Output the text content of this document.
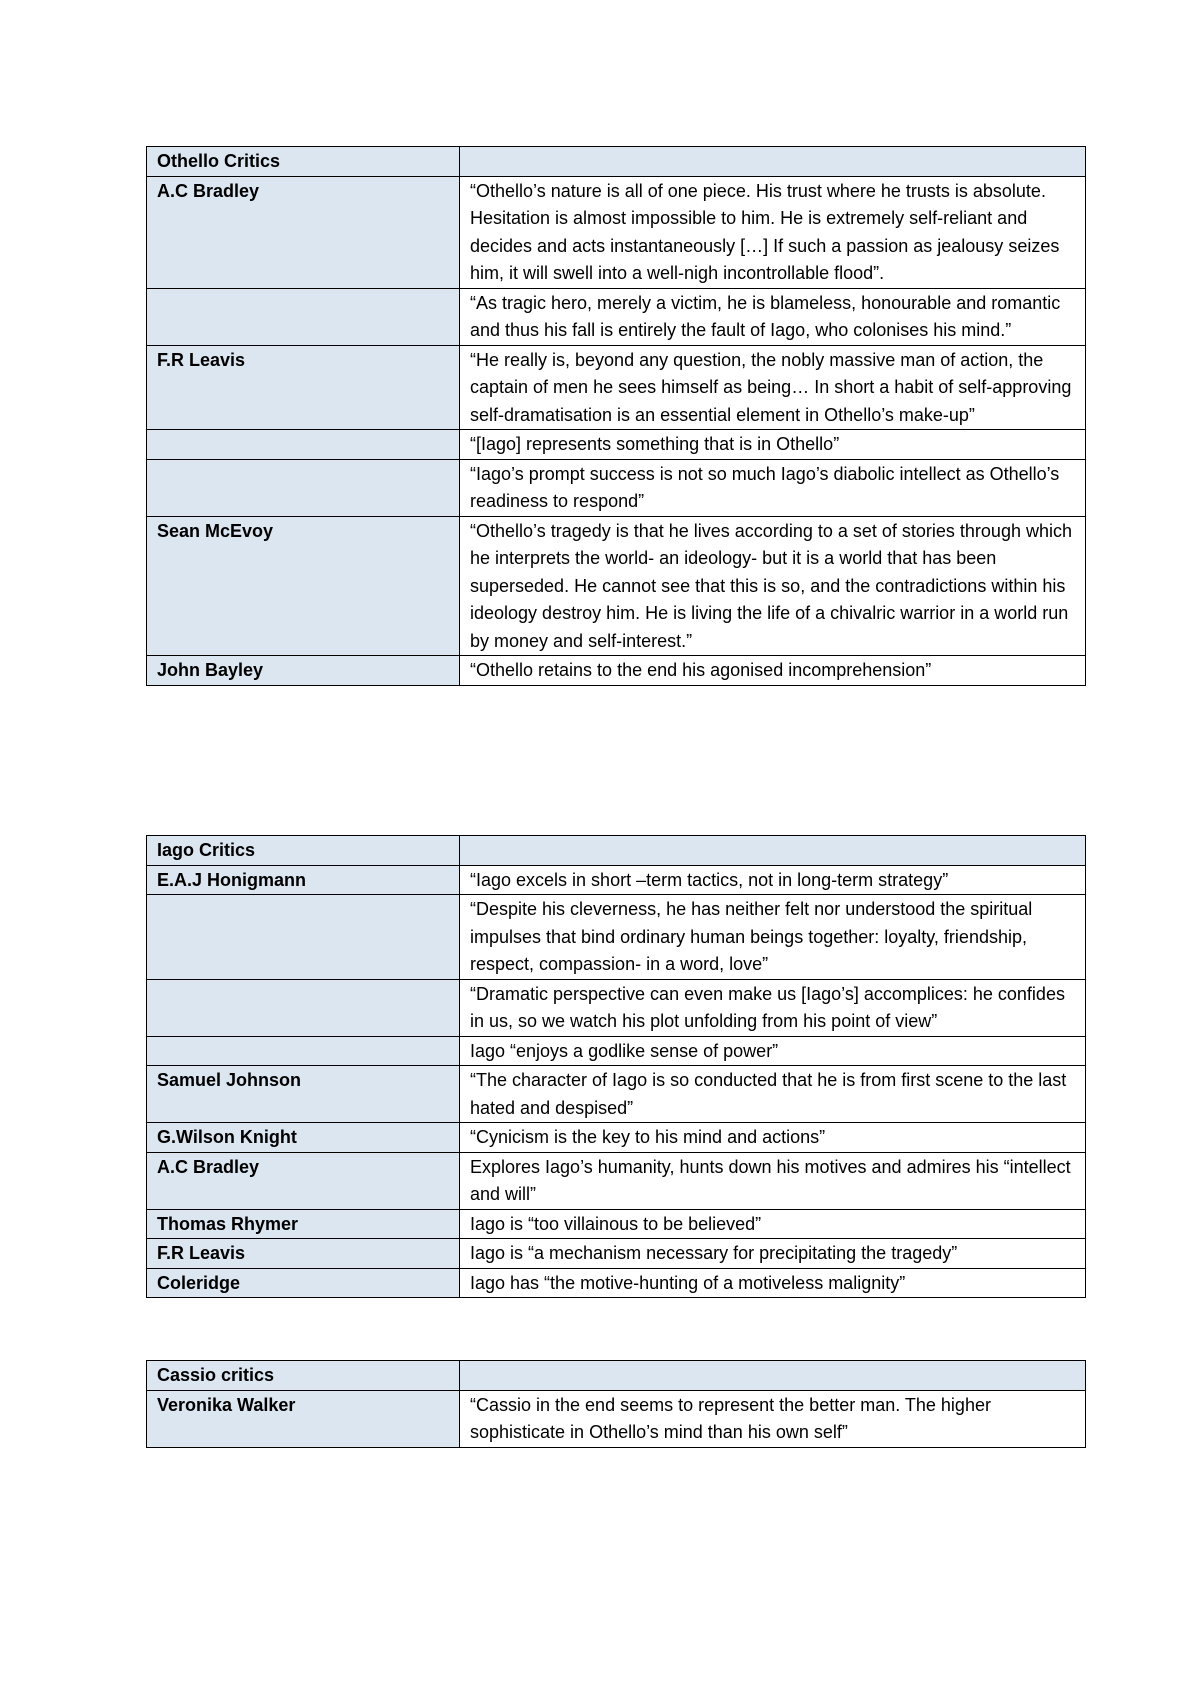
Othello Critics	
A.C Bradley	“Othello’s nature is all of one piece. His trust where he trusts is absolute. Hesitation is almost impossible to him. He is extremely self-reliant and decides and acts instantaneously […] If such a passion as jealousy seizes him, it will swell into a well-nigh incontrollable flood”.
	“As tragic hero, merely a victim, he is blameless, honourable and romantic and thus his fall is entirely the fault of Iago, who colonises his mind.”
F.R Leavis	“He really is, beyond any question, the nobly massive man of action, the captain of men he sees himself as being… In short a habit of self-approving self-dramatisation is an essential element in Othello’s make-up”
	“[Iago] represents something that is in Othello”
	“Iago’s prompt success is not so much Iago’s diabolic intellect as Othello’s readiness to respond”
Sean McEvoy	“Othello’s tragedy is that he lives according to a set of stories through which he interprets the world- an ideology- but it is a world that has been superseded. He cannot see that this is so, and the contradictions within his ideology destroy him. He is living the life of a chivalric warrior in a world run by money and self-interest.”
John Bayley	“Othello retains to the end his agonised incomprehension”
Iago Critics	
E.A.J Honigmann	“Iago excels in short –term tactics, not in long-term strategy”
	“Despite his cleverness, he has neither felt nor understood the spiritual impulses that bind ordinary human beings together: loyalty, friendship, respect, compassion- in a word, love”
	“Dramatic perspective can even make us [Iago’s] accomplices: he confides in us, so we watch his plot unfolding from his point of view”
	Iago “enjoys a godlike sense of power”
Samuel Johnson	“The character of Iago is so conducted that he is from first scene to the last hated and despised”
G.Wilson Knight	“Cynicism is the key to his mind and actions”
A.C Bradley	Explores Iago’s humanity, hunts down his motives and admires his “intellect and will”
Thomas Rhymer	Iago is “too villainous to be believed”
F.R Leavis	Iago is “a mechanism necessary for precipitating the tragedy”
Coleridge	Iago has “the motive-hunting of a motiveless malignity”
Cassio critics	
Veronika Walker	“Cassio in the end seems to represent the better man. The higher sophisticate in Othello’s mind than his own self”
